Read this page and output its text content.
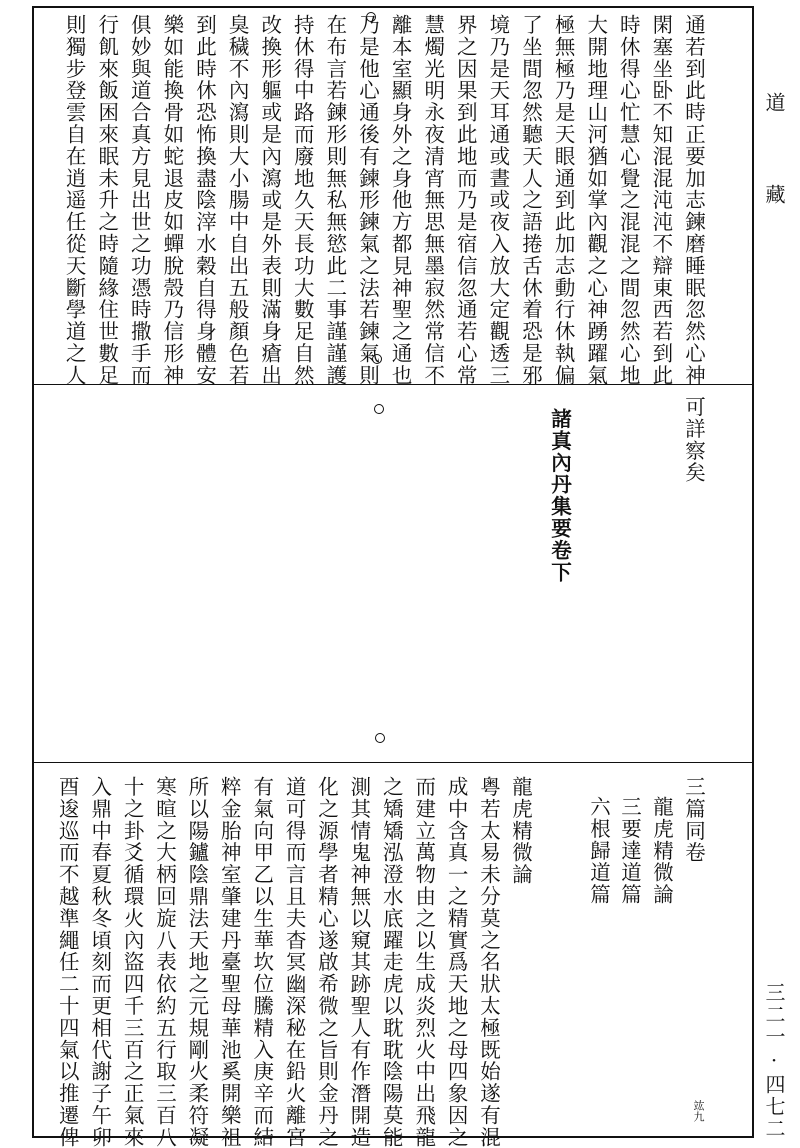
道
藏
三二一·四七二
通若到此時正要加志鍊磨睡眠忽然心神
閑塞坐卧不知混混沌沌不辯東西若到此
時休得心忙慧心覺之混混之間忽然心地
大開地理山河猶如掌內觀之心神踴躍氣
極無極乃是天眼通到此加志動行休執偏
了坐間忽然聽天人之語捲舌休着恐是邪
境乃是天耳通或晝或夜入放大定觀透三
界之因果到此地而乃是宿信忽通若心常
慧燭光明永夜清宵無思無墨寂然常信不
離本室顯身外之身他方都見神聖之通也
乃是他心通後有鍊形鍊氣之法若鍊氣則
在布言若鍊形則無私無慾此二事謹謹護
持休得中路而廢地久天長功大數足自然
改換形軀或是內瀉或是外表則滿身瘡出
臭穢不內瀉則大小腸中自出五般顏色若
到此時休恐怖換盡陰滓水穀自得身體安
樂如能換骨如蛇退皮如蟬脫殼乃信形神
俱妙與道合真方見出世之功憑時撒手而
行飢來飯困來眠未升之時隨緣住世數足
則獨步登雲自在逍遥任從天斷學道之人
可詳察矣
諸真內丹集要卷下
三篇同卷
龍虎精微論
三要達道篇
六根歸道篇
龍虎精微論
粤若太易未分莫之名狀太極既始遂有混
成中含真一之精實爲天地之母四象因之
而建立萬物由之以生成炎烈火中出飛龍
之矯矯泓澄水底躍走虎以耽耽陰陽莫能
測其情鬼神無以窺其跡聖人有作潛開造
化之源學者精心遂啟希微之旨則金丹之
道可得而言且夫杳冥幽深秘在鉛火離宮
有氣向甲乙以生華坎位騰精入庚辛而結
粹金胎神室肇建丹臺聖母華池奚開樂祖
所以陽鑪陰鼎法天地之元規剛火柔符凝
寒暄之大柄回旋八表依約五行取三百八
十之卦爻循環火內盜四千三百之正氣來
入鼎中春夏秋冬頃刻而更相代謝子午卯
酉逡巡而不越準繩任二十四氣以推遷俾	竑九
